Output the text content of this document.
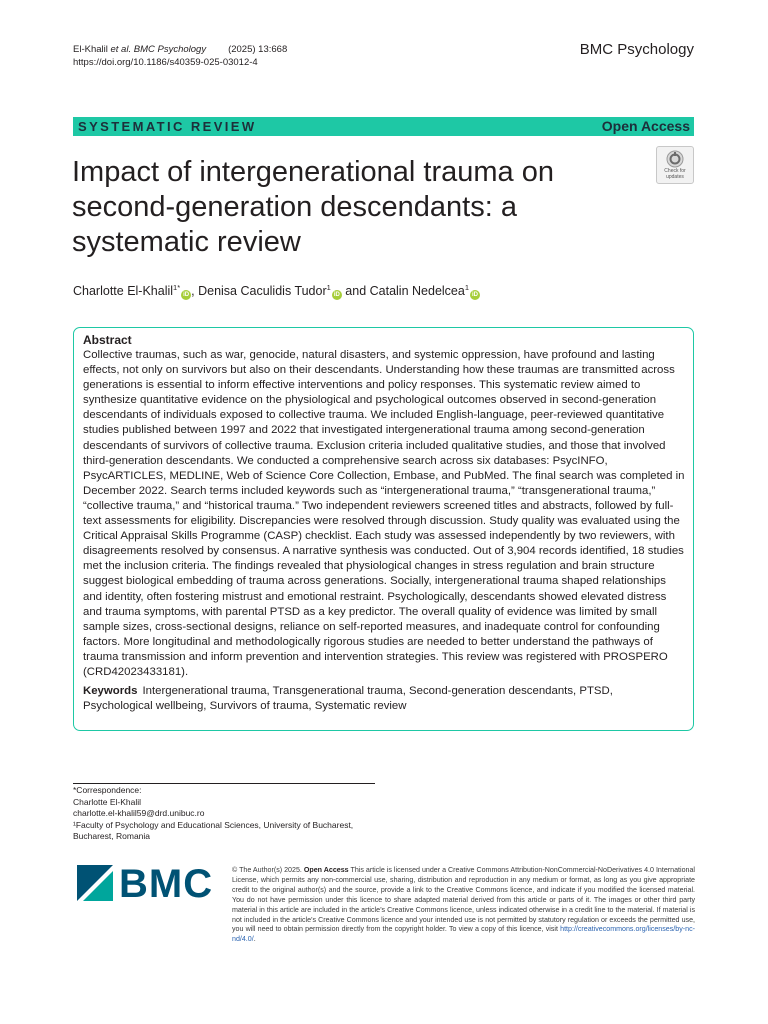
El-Khalil et al. BMC Psychology (2025) 13:668
https://doi.org/10.1186/s40359-025-03012-4
BMC Psychology
SYSTEMATIC REVIEW	Open Access
Impact of intergenerational trauma on second-generation descendants: a systematic review
Check for
updates
Charlotte El-Khalil$^{1*}$iD , Denisa Caculidis Tudor$^1$iD and Catalin Nedelcea$^1$iD
Abstract

Collective traumas, such as war, genocide, natural disasters, and systemic oppression, have profound and lasting effects, not only on survivors but also on their descendants. Understanding how these traumas are transmitted across generations is essential to inform effective interventions and policy responses. This systematic review aimed to synthesize quantitative evidence on the physiological and psychological outcomes observed in second-generation descendants of individuals exposed to collective trauma. We included English-language, peer-reviewed quantitative studies published between 1997 and 2022 that investigated intergenerational trauma among second-generation descendants of survivors of collective trauma. Exclusion criteria included qualitative studies, and those that involved third-generation descendants. We conducted a comprehensive search across six databases: PsycINFO, PsycARTICLES, MEDLINE, Web of Science Core Collection, Embase, and PubMed. The final search was completed in December 2022. Search terms included keywords such as “intergenerational trauma,” “transgenerational trauma,” “collective trauma,” and “historical trauma.” Two independent reviewers screened titles and abstracts, followed by full-text assessments for eligibility. Discrepancies were resolved through discussion. Study quality was evaluated using the Critical Appraisal Skills Programme (CASP) checklist. Each study was assessed independently by two reviewers, with disagreements resolved by consensus. A narrative synthesis was conducted. Out of 3,904 records identified, 18 studies met the inclusion criteria. The findings revealed that physiological changes in stress regulation and brain structure suggest biological embedding of trauma across generations. Socially, intergenerational trauma shaped relationships and identity, often fostering mistrust and emotional restraint. Psychologically, descendants showed elevated distress and trauma symptoms, with parental PTSD as a key predictor. The overall quality of evidence was limited by small sample sizes, cross-sectional designs, reliance on self-reported measures, and inadequate control for confounding factors. More longitudinal and methodologically rigorous studies are needed to better understand the pathways of trauma transmission and inform prevention and intervention strategies. This review was registered with PROSPERO (CRD42023433181).

Keywords Intergenerational trauma, Transgenerational trauma, Second-generation descendants, PTSD, Psychological wellbeing, Survivors of trauma, Systematic review

*Correspondence:
Charlotte El-Khalil
charlotte.el-khalil59@drd.unibuc.ro
¹Faculty of Psychology and Educational Sciences, University of Bucharest,
Bucharest, Romania
BMC	© The Author(s) 2025. Open Access This article is licensed under a Creative Commons Attribution-NonCommercial-NoDerivatives 4.0 International License, which permits any non-commercial use, sharing, distribution and reproduction in any medium or format, as long as you give appropriate credit to the original author(s) and the source, provide a link to the Creative Commons licence, and indicate if you modified the licensed material. You do not have permission under this licence to share adapted material derived from this article or parts of it. The images or other third party material in this article are included in the article’s Creative Commons licence, unless indicated otherwise in a credit line to the material. If material is not included in the article’s Creative Commons licence and your intended use is not permitted by statutory regulation or exceeds the permitted use, you will need to obtain permission directly from the copyright holder. To view a copy of this licence, visit http://creativecommons.org/licenses/by-nc-nd/4.0/.
